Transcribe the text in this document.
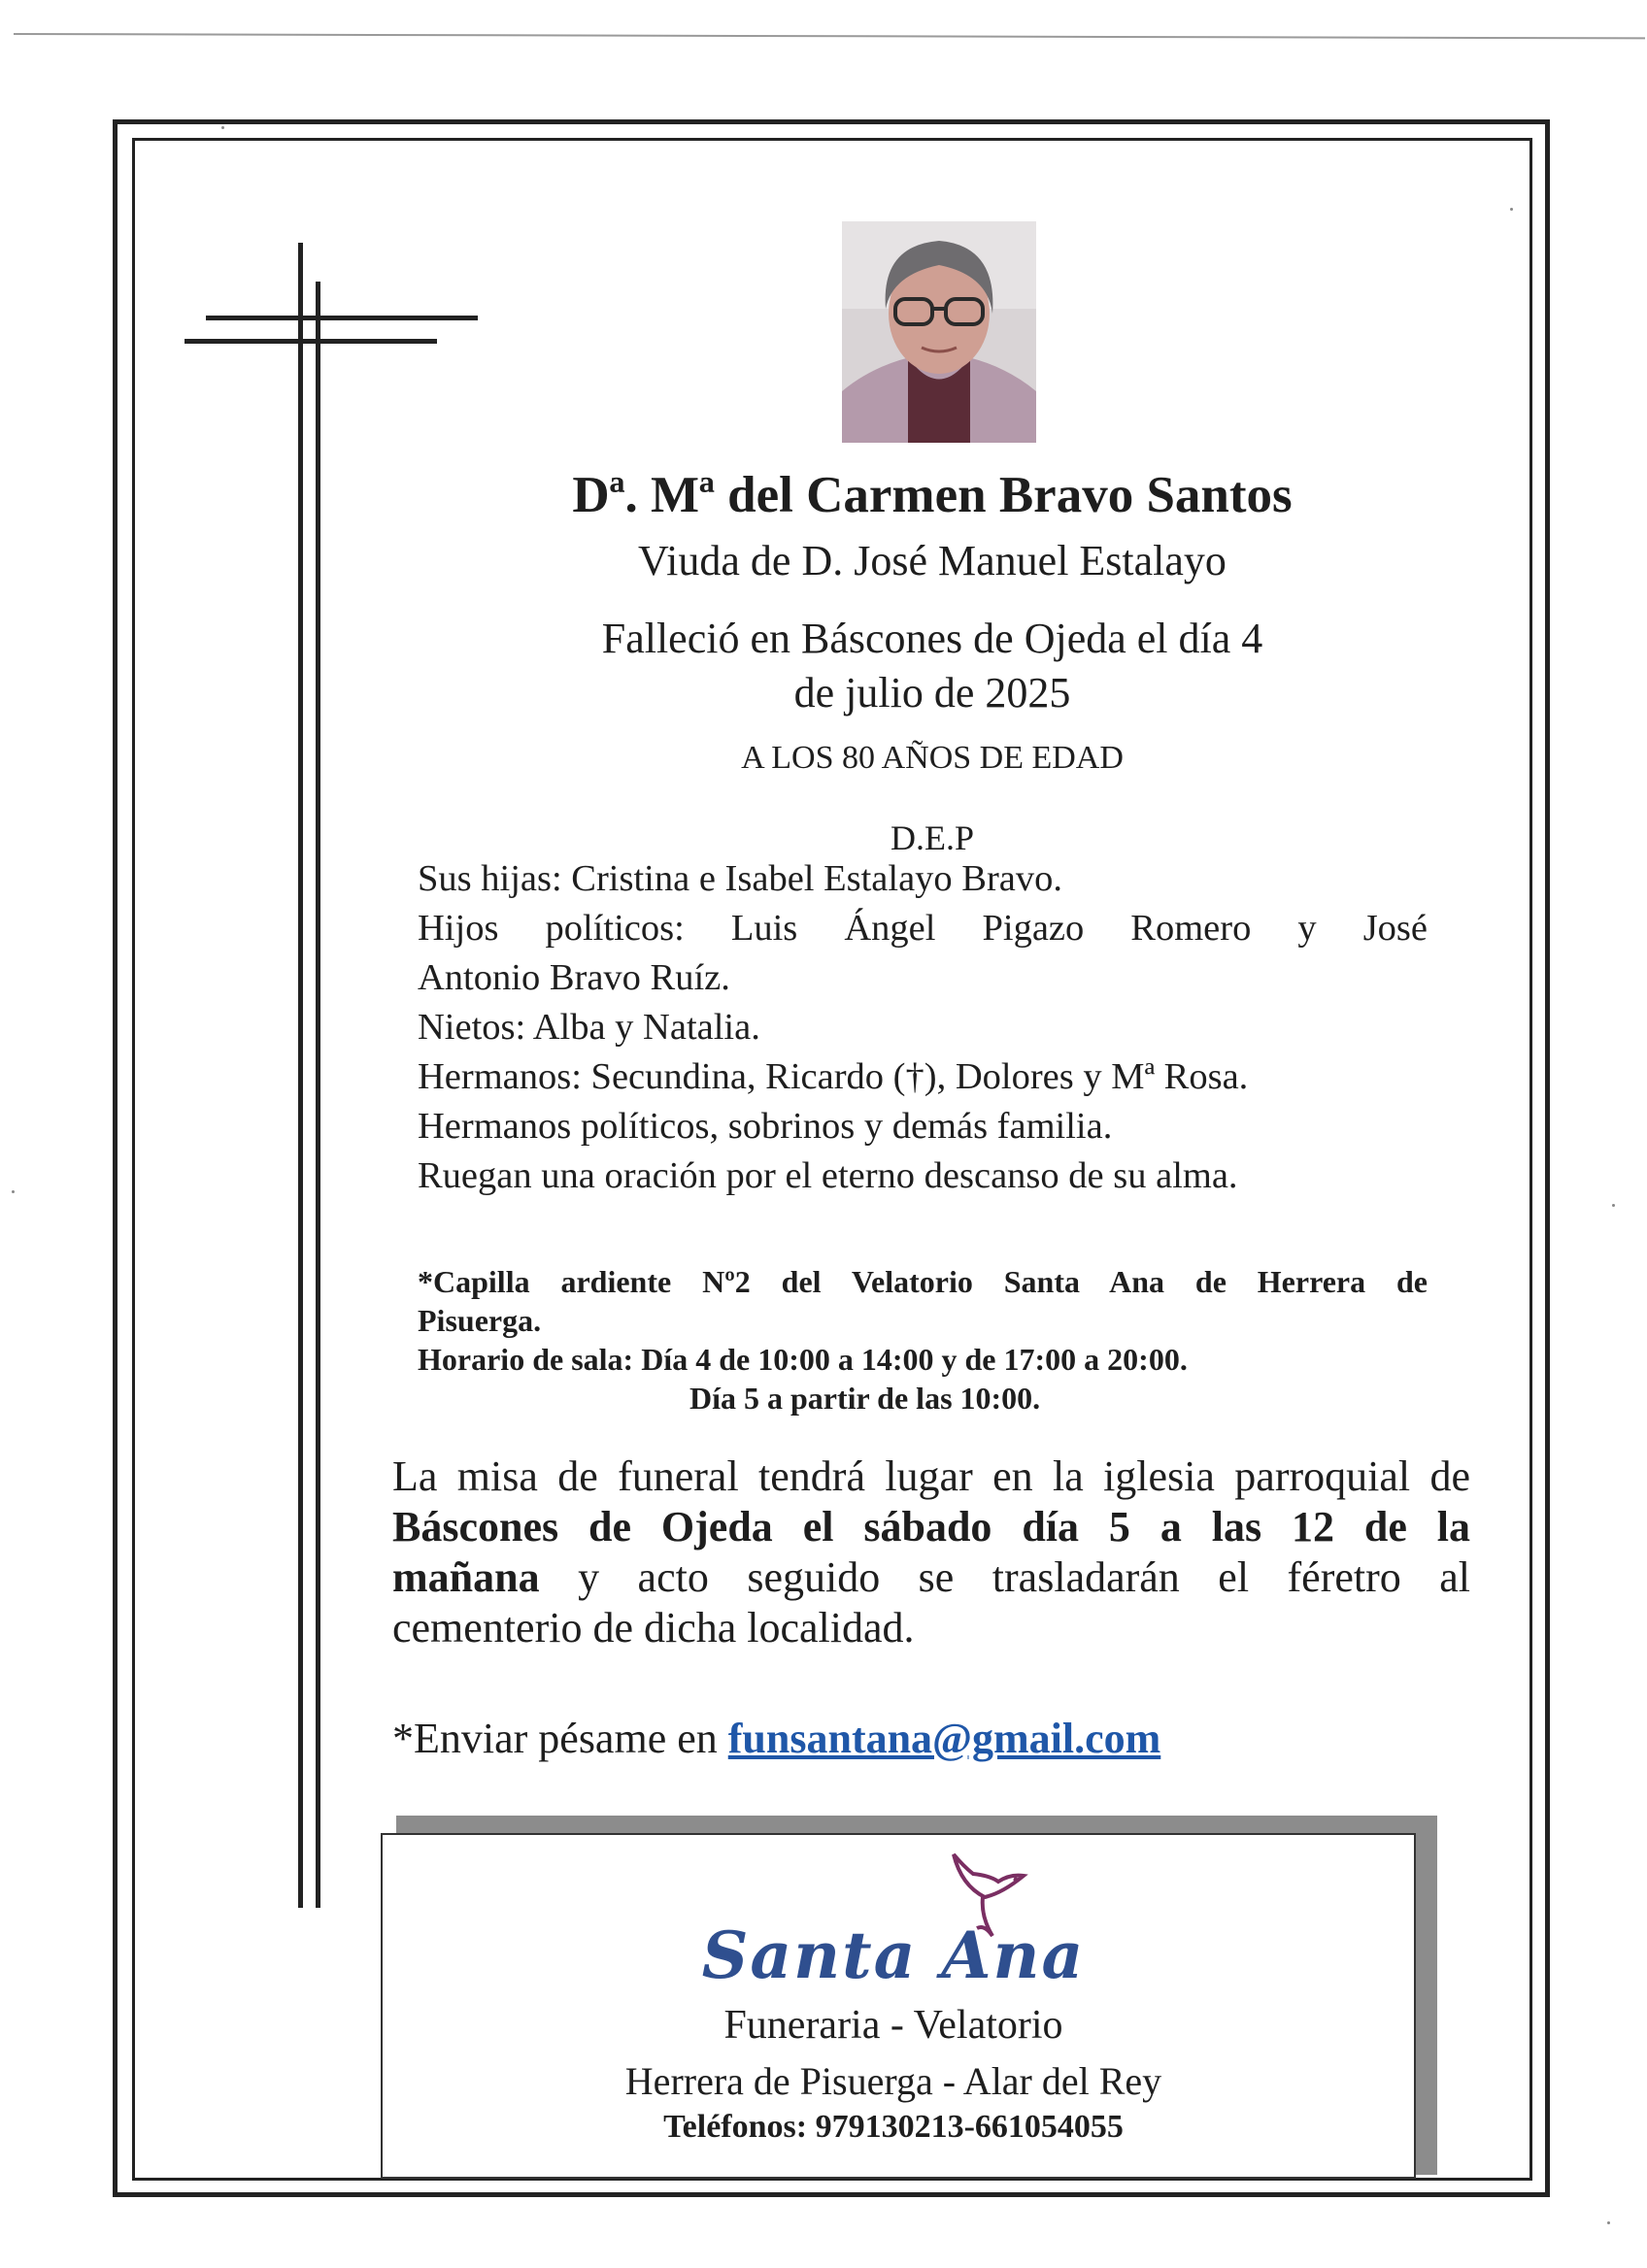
Dª. Mª del Carmen Bravo Santos
Viuda de D. José Manuel Estalayo
Falleció en Báscones de Ojeda el día 4
de julio de 2025
A LOS 80 AÑOS DE EDAD
D.E.P
Sus hijas: Cristina e Isabel Estalayo Bravo.
Hijos políticos: Luis Ángel Pigazo Romero y José
Antonio Bravo Ruíz.
Nietos: Alba y Natalia.
Hermanos: Secundina, Ricardo (†), Dolores y Mª Rosa.
Hermanos políticos, sobrinos y demás familia.
Ruegan una oración por el eterno descanso de su alma.
*Capilla ardiente Nº2 del Velatorio Santa Ana de Herrera de
Pisuerga.
Horario de sala: Día 4 de 10:00 a 14:00 y de 17:00 a 20:00.
Día 5 a partir de las 10:00.
La misa de funeral tendrá lugar en la iglesia parroquial de
Báscones de Ojeda el sábado día 5 a las 12 de la
mañana y acto seguido se trasladarán el féretro al
cementerio de dicha localidad.
*Enviar pésame en funsantana@gmail.com
Santa Ana
Funeraria - Velatorio
Herrera de Pisuerga - Alar del Rey
Teléfonos: 979130213-661054055
